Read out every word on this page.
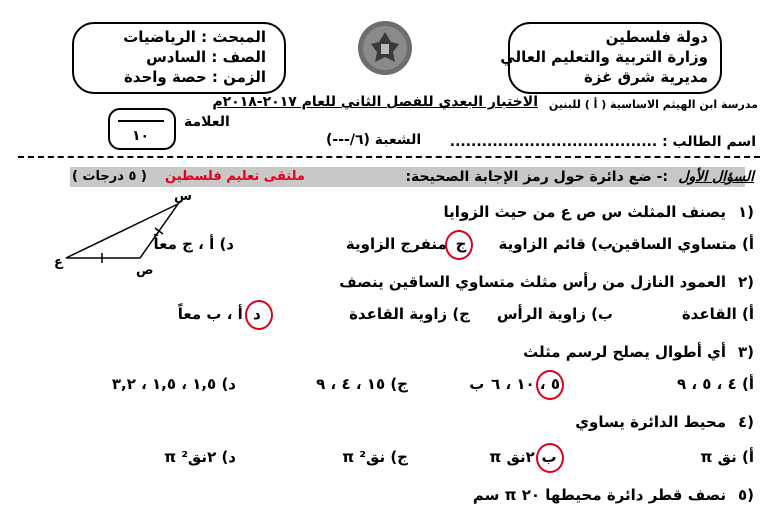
دولة فلسطين
وزارة التربية والتعليم العالي
مديرية شرق غزة
المبحث : الرياضيات
الصف : السادس
الزمن : حصة واحدة
STATE OF PALESTINE
مدرسة ابن الهيثم الاساسية ( أ ) للبنين
الاختبار البعدي للفصل الثاني للعام ٢٠١٧-٢٠١٨م
١٠
العلامة
اسم الطالب : .......................................
الشعبة (٦/---)
السؤال الأول
:- ضع دائرة حول رمز الإجابة الصحيحة:
ملتقى تعليم فلسطين
( ٥ درجات )
س
ص
ع
١)
يصنف المثلث س ص ع من حيث الزوايا
أ) متساوي الساقين
ب) قائم الزاوية
ج منفرج الزاوية
د) أ ، ج معاً
٢)
العمود النازل من رأس مثلث متساوي الساقين ينصف
أ) القاعدة
ب) زاوية الرأس
ج) زاوية القاعدة
د أ ، ب معاً
٣)
أي أطوال يصلح لرسم مثلث
أ) ٤ ، ٥ ، ٩
ب ٥ ، ١٠ ، ٦
ج) ١٥ ، ٤ ، ٩
د) ١,٥ ، ١,٥ ، ٣,٢
٤)
محيط الدائرة يساوي
أ) نق π
ب ٢نق π
ج) نق² π
د) ٢نق² π
٥)
نصف قطر دائرة محيطها ٢٠ π سم
